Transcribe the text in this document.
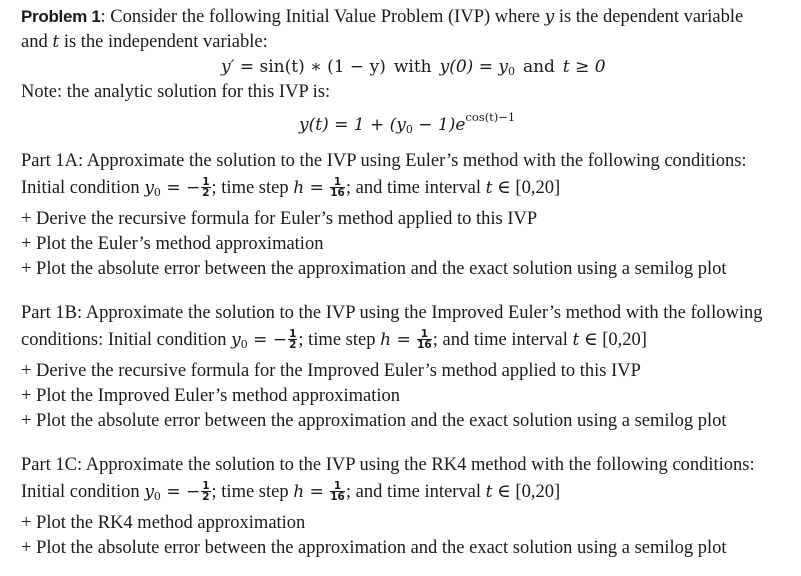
Problem 1: Consider the following Initial Value Problem (IVP) where y is the dependent variable
and t is the independent variable:
y′ = sin(t) ∗ (1 − y) with $y(0) = y_0$ and t ≥ 0
Note: the analytic solution for this IVP is:
$y(t) = 1 + (y_0 - 1)e^{cos(t)-1}$
Part 1A: Approximate the solution to the IVP using Euler’s method with the following conditions:
Initial condition $y_0$ = − $\frac{1}{2}$ ; time step $h = \frac{1}{16}$ ; and time interval t ∈ [0,20]
+ Derive the recursive formula for Euler’s method applied to this IVP
+ Plot the Euler’s method approximation
+ Plot the absolute error between the approximation and the exact solution using a semilog plot
Part 1B: Approximate the solution to the IVP using the Improved Euler’s method with the following
conditions: Initial condition $y_0$ = − $\frac{1}{2}$ ; time step $h = \frac{1}{16}$ ; and time interval t ∈ [0,20]
+ Derive the recursive formula for the Improved Euler’s method applied to this IVP
+ Plot the Improved Euler’s method approximation
+ Plot the absolute error between the approximation and the exact solution using a semilog plot
Part 1C: Approximate the solution to the IVP using the RK4 method with the following conditions:
Initial condition $y_0$ = − $\frac{1}{2}$ ; time step $h = \frac{1}{16}$ ; and time interval t ∈ [0,20]
+ Plot the RK4 method approximation
+ Plot the absolute error between the approximation and the exact solution using a semilog plot
